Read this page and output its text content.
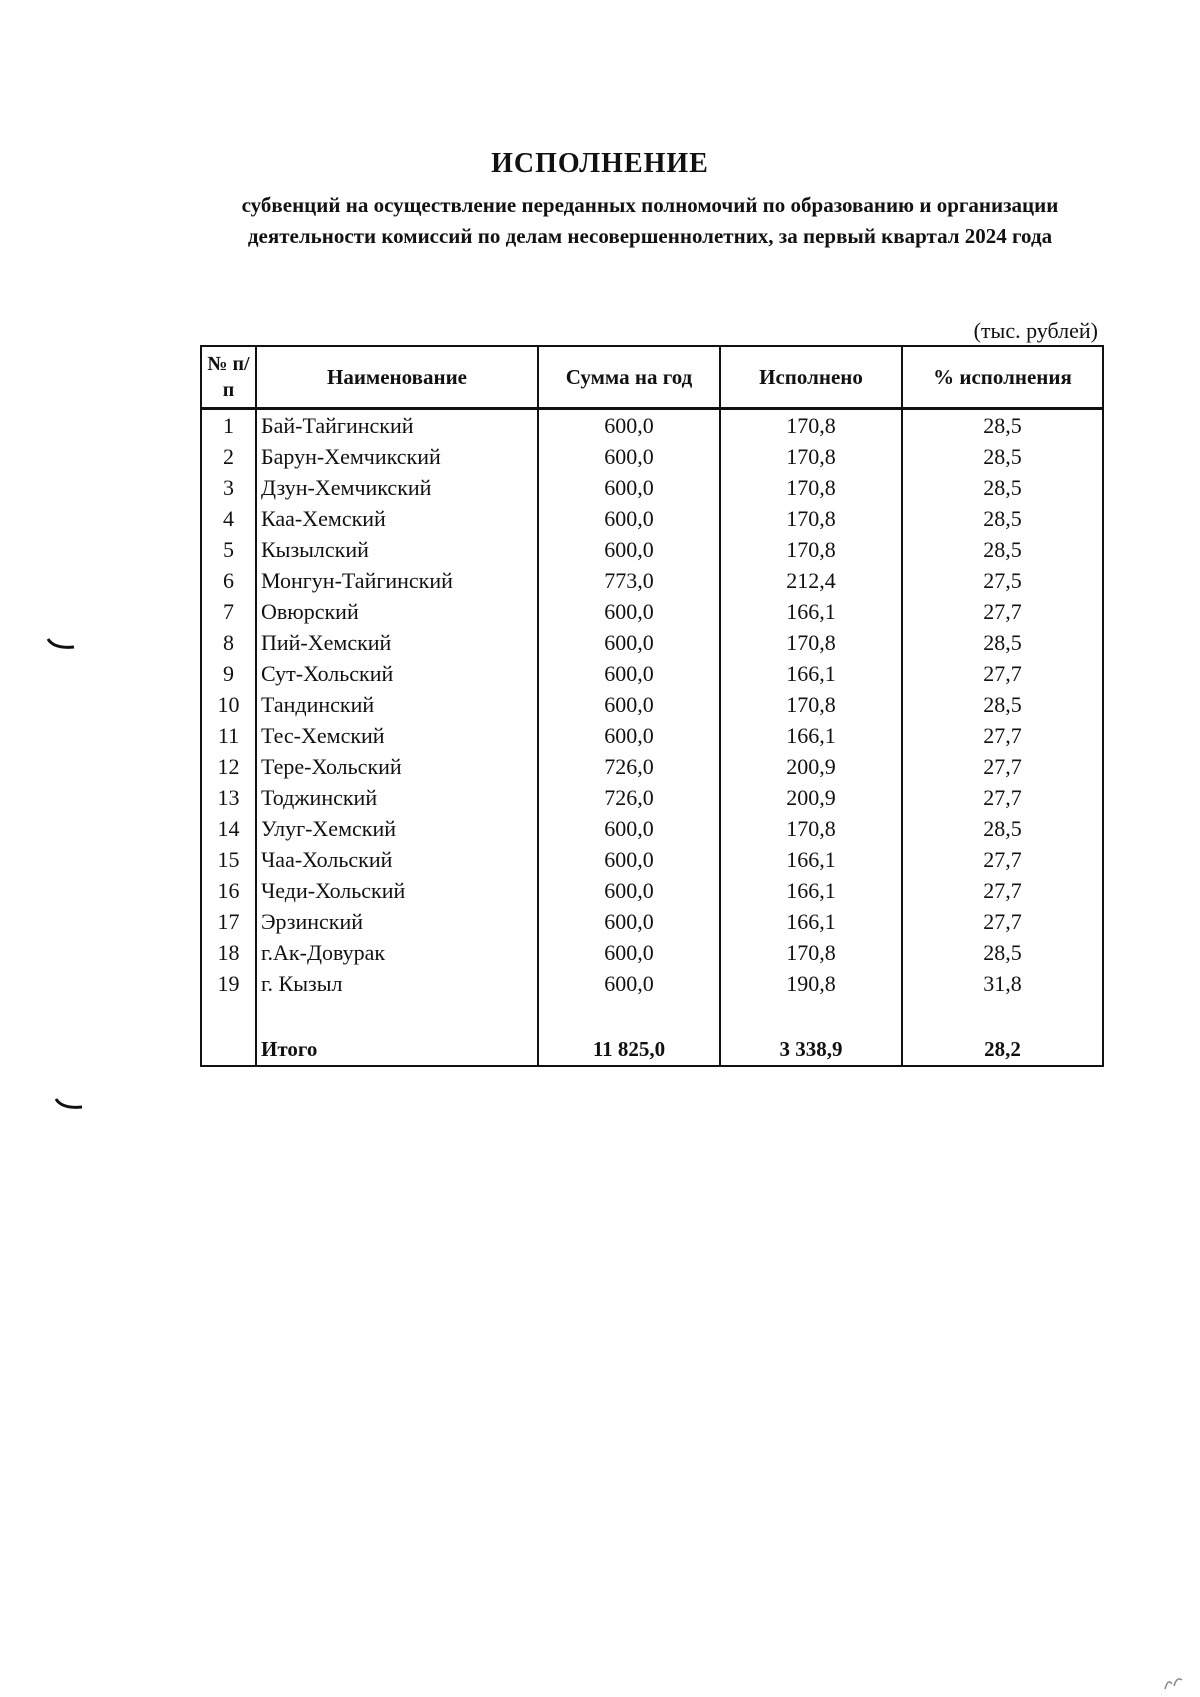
ИСПОЛНЕНИЕ
субвенций на осуществление переданных полномочий по образованию и организации деятельности комиссий по делам несовершеннолетних, за первый квартал 2024 года
(тыс. рублей)
№ п/п	Наименование	Сумма на год	Исполнено	% исполнения
1	Бай-Тайгинский	600,0	170,8	28,5
2	Барун-Хемчикский	600,0	170,8	28,5
3	Дзун-Хемчикский	600,0	170,8	28,5
4	Каа-Хемский	600,0	170,8	28,5
5	Кызылский	600,0	170,8	28,5
6	Монгун-Тайгинский	773,0	212,4	27,5
7	Овюрский	600,0	166,1	27,7
8	Пий-Хемский	600,0	170,8	28,5
9	Сут-Хольский	600,0	166,1	27,7
10	Тандинский	600,0	170,8	28,5
11	Тес-Хемский	600,0	166,1	27,7
12	Тере-Хольский	726,0	200,9	27,7
13	Тоджинский	726,0	200,9	27,7
14	Улуг-Хемский	600,0	170,8	28,5
15	Чаа-Хольский	600,0	166,1	27,7
16	Чеди-Хольский	600,0	166,1	27,7
17	Эрзинский	600,0	166,1	27,7
18	г.Ак-Довурак	600,0	170,8	28,5
19	г. Кызыл	600,0	190,8	31,8

	Итого	11 825,0	3 338,9	28,2
